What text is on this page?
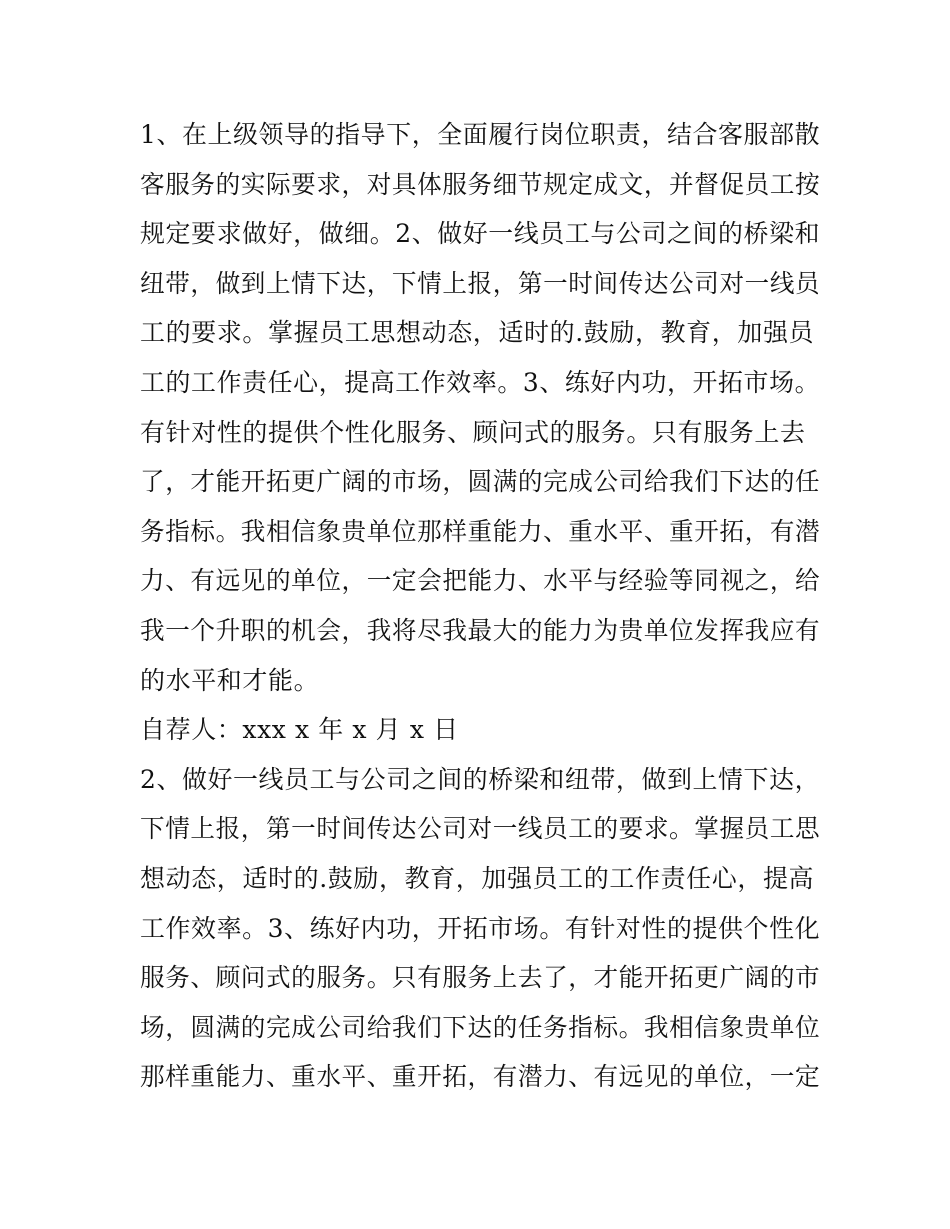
1、在上级领导的指导下，全面履行岗位职责，结合客服部散
客服务的实际要求，对具体服务细节规定成文，并督促员工按
规定要求做好，做细。2、做好一线员工与公司之间的桥梁和
纽带，做到上情下达，下情上报，第一时间传达公司对一线员
工的要求。掌握员工思想动态，适时的.鼓励，教育，加强员
工的工作责任心，提高工作效率。3、练好内功，开拓市场。
有针对性的提供个性化服务、顾问式的服务。只有服务上去
了，才能开拓更广阔的市场，圆满的完成公司给我们下达的任
务指标。我相信象贵单位那样重能力、重水平、重开拓，有潜
力、有远见的单位，一定会把能力、水平与经验等同视之，给
我一个升职的机会，我将尽我最大的能力为贵单位发挥我应有
的水平和才能。
自荐人：xxx x 年 x 月 x 日
2、做好一线员工与公司之间的桥梁和纽带，做到上情下达，
下情上报，第一时间传达公司对一线员工的要求。掌握员工思
想动态，适时的.鼓励，教育，加强员工的工作责任心，提高
工作效率。3、练好内功，开拓市场。有针对性的提供个性化
服务、顾问式的服务。只有服务上去了，才能开拓更广阔的市
场，圆满的完成公司给我们下达的任务指标。我相信象贵单位
那样重能力、重水平、重开拓，有潜力、有远见的单位，一定
